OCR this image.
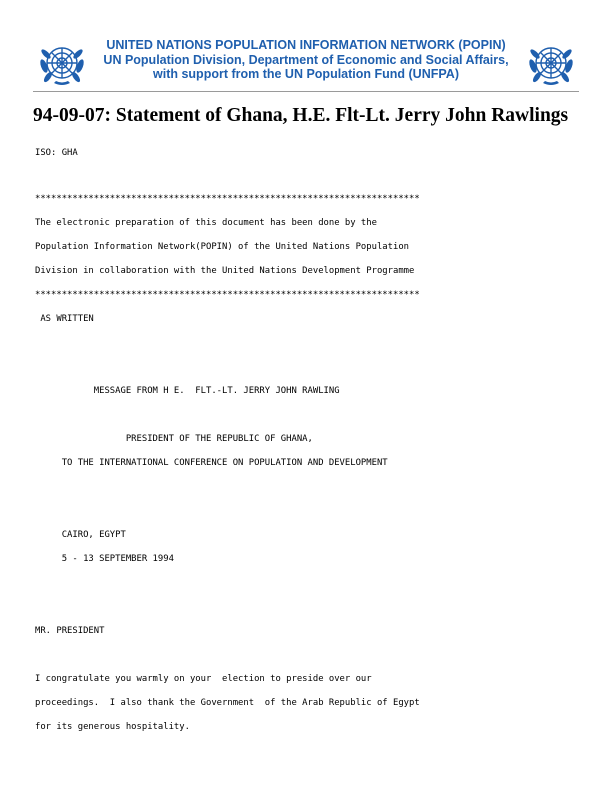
UNITED NATIONS POPULATION INFORMATION NETWORK (POPIN)
UN Population Division, Department of Economic and Social Affairs,
with support from the UN Population Fund (UNFPA)
94-09-07: Statement of Ghana, H.E. Flt-Lt. Jerry John Rawlings
ISO: GHA
************************************************************************
The electronic preparation of this document has been done by the
Population Information Network(POPIN) of the United Nations Population
Division in collaboration with the United Nations Development Programme
************************************************************************
AS WRITTEN
MESSAGE FROM H E.  FLT.-LT. JERRY JOHN RAWLING
PRESIDENT OF THE REPUBLIC OF GHANA,
TO THE INTERNATIONAL CONFERENCE ON POPULATION AND DEVELOPMENT
CAIRO, EGYPT
5 - 13 SEPTEMBER 1994
MR. PRESIDENT
I congratulate you warmly on your  election to preside over our
proceedings.  I also thank the Government  of the Arab Republic of Egypt
for its generous hospitality.
